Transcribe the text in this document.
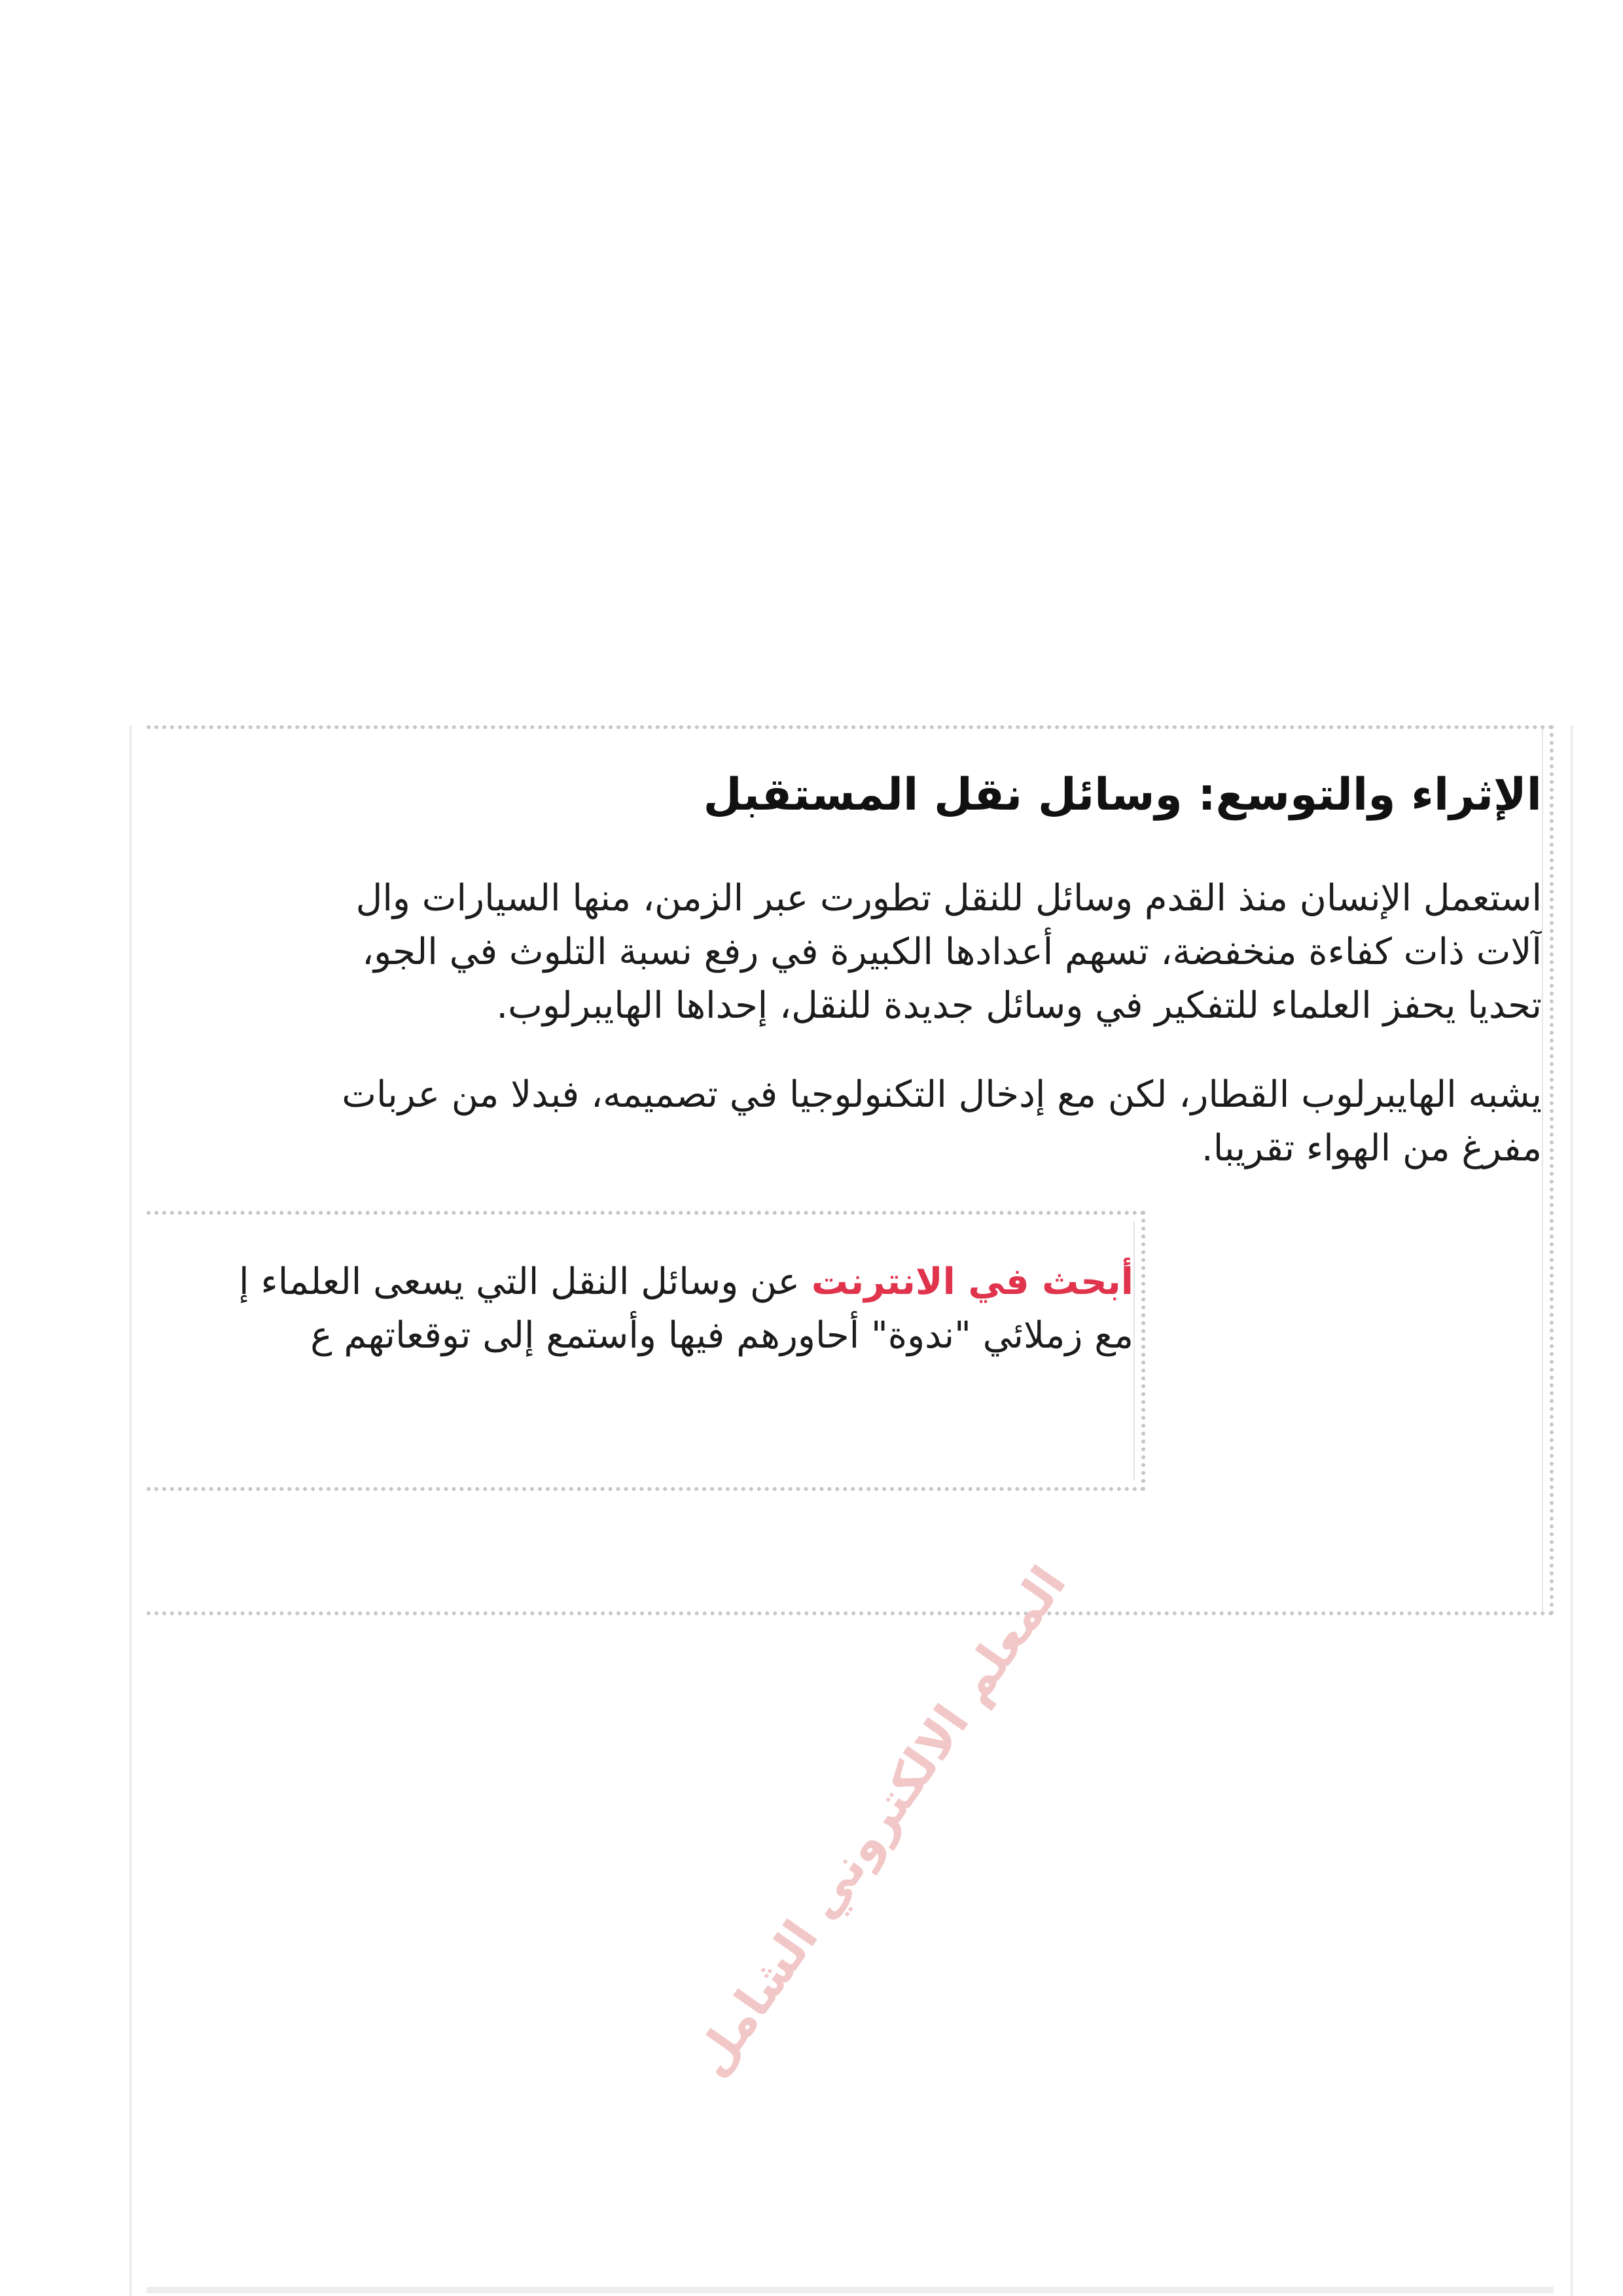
الإثراء والتوسع: وسائل نقل المستقبل

استعمل الإنسان منذ القدم وسائل للنقل تطورت عبر الزمن، منها السيارات وال
آلات ذات كفاءة منخفضة، تسهم أعدادها الكبيرة في رفع نسبة التلوث في الجو،
تحديا يحفز العلماء للتفكير في وسائل جديدة للنقل، إحداها الهايبرلوب.

يشبه الهايبرلوب القطار، لكن مع إدخال التكنولوجيا في تصميمه، فبدلا من عربات
مفرغ من الهواء تقريبا.

أبحث في الانترنت عن وسائل النقل التي يسعى العلماء إ
مع زملائي "ندوة" أحاورهم فيها وأستمع إلى توقعاتهم ع

المعلم الالكتروني الشامل
